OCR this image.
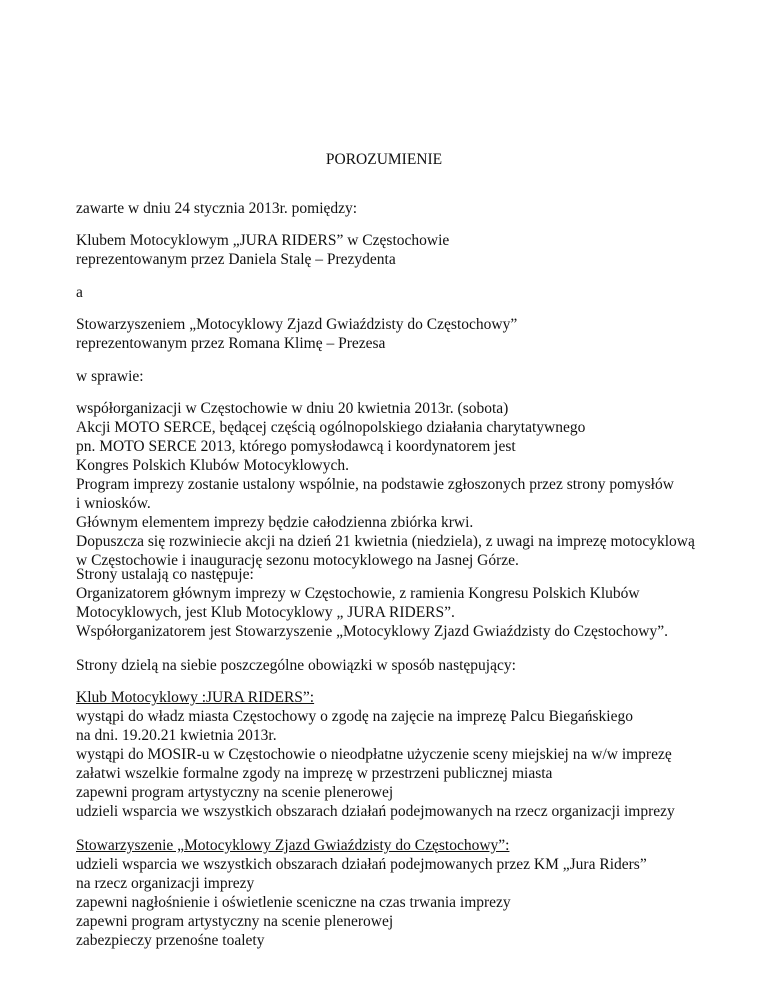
POROZUMIENIE
zawarte w dniu 24 stycznia 2013r. pomiędzy:
Klubem Motocyklowym „JURA RIDERS” w Częstochowie
reprezentowanym przez Daniela Stalę – Prezydenta
a
Stowarzyszeniem „Motocyklowy Zjazd Gwiaździsty do Częstochowy”
reprezentowanym przez Romana Klimę – Prezesa
w sprawie:
współorganizacji w Częstochowie w dniu 20 kwietnia 2013r. (sobota)
Akcji MOTO SERCE, będącej częścią ogólnopolskiego działania charytatywnego
pn. MOTO SERCE 2013, którego pomysłodawcą i koordynatorem jest
Kongres Polskich Klubów Motocyklowych.
Program imprezy zostanie ustalony wspólnie, na podstawie zgłoszonych przez strony pomysłów
i wniosków.
Głównym elementem imprezy będzie całodzienna zbiórka krwi.
Dopuszcza się rozwiniecie akcji na dzień 21 kwietnia (niedziela), z uwagi na imprezę motocyklową
w Częstochowie i inaugurację sezonu motocyklowego na Jasnej Górze.
Strony ustalają co następuje:
Organizatorem głównym imprezy w Częstochowie, z ramienia Kongresu Polskich Klubów
Motocyklowych, jest Klub Motocyklowy „ JURA RIDERS”.
Współorganizatorem jest Stowarzyszenie „Motocyklowy Zjazd Gwiaździsty do Częstochowy”.
Strony dzielą na siebie poszczególne obowiązki w sposób następujący:
Klub Motocyklowy :JURA RIDERS”:
wystąpi do władz miasta Częstochowy o zgodę na zajęcie na imprezę Palcu Biegańskiego
na dni. 19.20.21 kwietnia 2013r.
wystąpi do MOSIR-u w Częstochowie o nieodpłatne użyczenie sceny miejskiej na w/w imprezę
załatwi wszelkie formalne zgody na imprezę w przestrzeni publicznej miasta
zapewni program artystyczny na scenie plenerowej
udzieli wsparcia we wszystkich obszarach działań podejmowanych na rzecz organizacji imprezy
Stowarzyszenie „Motocyklowy Zjazd Gwiaździsty do Częstochowy”:
udzieli wsparcia we wszystkich obszarach działań podejmowanych przez KM „Jura Riders”
na rzecz organizacji imprezy
zapewni nagłośnienie i oświetlenie sceniczne na czas trwania imprezy
zapewni program artystyczny na scenie plenerowej
zabezpieczy przenośne toalety
